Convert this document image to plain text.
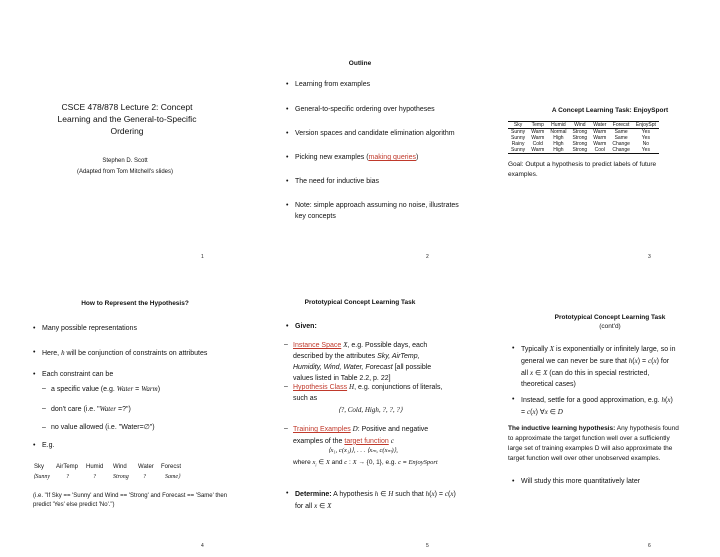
CSCE 478/878 Lecture 2: Concept Learning and the General-to-Specific Ordering
Stephen D. Scott
(Adapted from Tom Mitchell's slides)
1
Outline
• Learning from examples
• General-to-specific ordering over hypotheses
• Version spaces and candidate elimination algorithm
• Picking new examples (making queries)
• The need for inductive bias
• Note: simple approach assuming no noise, illustrates key concepts
2
A Concept Learning Task: EnjoySport
Sky	Temp	Humid	Wind	Water	Forecst	EnjoySpt
Sunny	Warm	Normal	Strong	Warm	Same	Yes
Sunny	Warm	High	Strong	Warm	Same	Yes
Rainy	Cold	High	Strong	Warm	Change	No
Sunny	Warm	High	Strong	Cool	Change	Yes
Goal: Output a hypothesis to predict labels of future examples.
3
How to Represent the Hypothesis?
• Many possible representations
• Here, h will be conjunction of constraints on attributes
• Each constraint can be
– a specific value (e.g. Water = Warm)
– don't care (i.e. "Water =?")
– no value allowed (i.e. "Water=∅")
• E.g.
Sky AirTemp Humid Wind Water Forecst
⟨Sunny	?	?	Strong ?	Same⟩
(i.e. "If Sky == 'Sunny' and Wind == 'Strong' and Forecast == 'Same' then predict 'Yes' else predict 'No'.")
4
Prototypical Concept Learning Task
• Given:
– Instance Space X, e.g. Possible days, each described by the attributes Sky, AirTemp, Humidity, Wind, Water, Forecast [all possible values listed in Table 2.2, p. 22]
– Hypothesis Class H, e.g. conjunctions of literals, such as
⟨?, Cold, High, ?, ?, ?⟩
– Training Examples D: Positive and negative examples of the target function c
⟨x₁, c(x₁)⟩, . . . ⟨xₘ, c(xₘ)⟩,
where $x_i$ ∈ X and c : X → {0, 1}, e.g. c = EnjoySport
• Determine: A hypothesis h ∈ H such that h(x) = c(x) for all x ∈ X
5
Prototypical Concept Learning Task
(cont'd)
• Typically X is exponentially or infinitely large, so in general we can never be sure that h(x) = c(x) for all x ∈ X (can do this in special restricted, theoretical cases)
• Instead, settle for a good approximation, e.g. h(x) = c(x) ∀x ∈ D
The inductive learning hypothesis: Any hypothesis found to approximate the target function well over a sufficiently large set of training examples D will also approximate the target function well over other unobserved examples.
• Will study this more quantitatively later
6
